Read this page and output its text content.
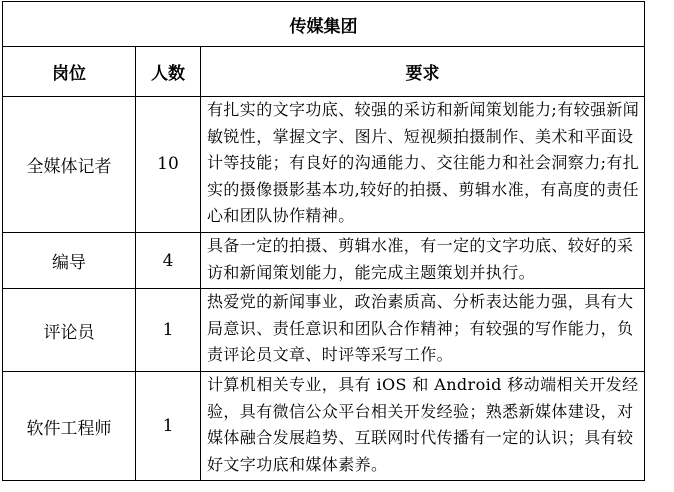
传媒集团		
岗位	人数	要求
全媒体记者	10	有扎实的文字功底、较强的采访和新闻策划能力;有较强新闻敏锐性，掌握文字、图片、短视频拍摄制作、美术和平面设计等技能；有良好的沟通能力、交往能力和社会洞察力;有扎实的摄像摄影基本功,较好的拍摄、剪辑水准，有高度的责任心和团队协作精神。
编导	4	具备一定的拍摄、剪辑水准，有一定的文字功底、较好的采访和新闻策划能力，能完成主题策划并执行。
评论员	1	热爱党的新闻事业，政治素质高、分析表达能力强，具有大局意识、责任意识和团队合作精神；有较强的写作能力，负责评论员文章、时评等采写工作。
软件工程师	1	计算机相关专业，具有 iOS 和 Android 移动端相关开发经验，具有微信公众平台相关开发经验；熟悉新媒体建设，对媒体融合发展趋势、互联网时代传播有一定的认识；具有较好文字功底和媒体素养。
